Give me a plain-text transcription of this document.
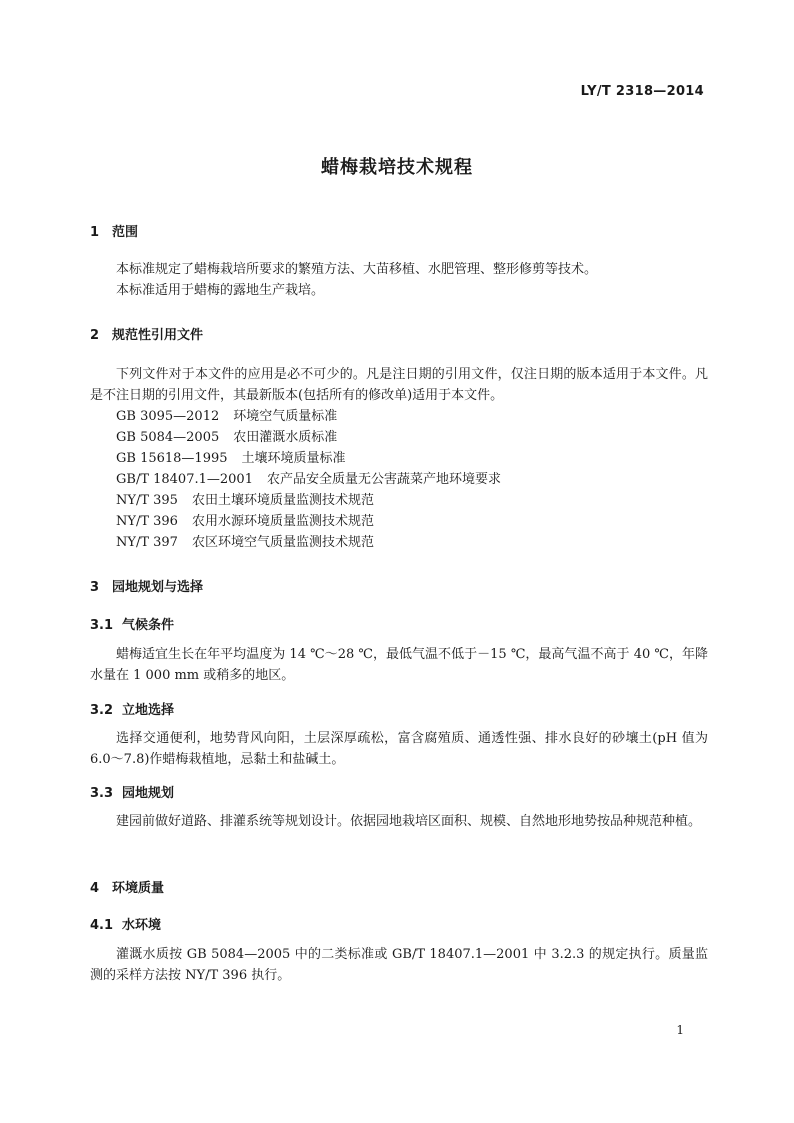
LY/T 2318—2014
蜡梅栽培技术规程
1 范围
本标准规定了蜡梅栽培所要求的繁殖方法、大苗移植、水肥管理、整形修剪等技术。
本标准适用于蜡梅的露地生产栽培。
2 规范性引用文件
下列文件对于本文件的应用是必不可少的。凡是注日期的引用文件，仅注日期的版本适用于本文件。凡是不注日期的引用文件，其最新版本(包括所有的修改单)适用于本文件。
GB 3095—2012 环境空气质量标准
GB 5084—2005 农田灌溉水质标准
GB 15618—1995 土壤环境质量标准
GB/T 18407.1—2001 农产品安全质量无公害蔬菜产地环境要求
NY/T 395 农田土壤环境质量监测技术规范
NY/T 396 农用水源环境质量监测技术规范
NY/T 397 农区环境空气质量监测技术规范
3 园地规划与选择
3.1 气候条件
蜡梅适宜生长在年平均温度为 14 ℃～28 ℃，最低气温不低于－15 ℃，最高气温不高于 40 ℃，年降水量在 1 000 mm 或稍多的地区。
3.2 立地选择
选择交通便利，地势背风向阳，土层深厚疏松，富含腐殖质、通透性强、排水良好的砂壤土(pH 值为 6.0～7.8)作蜡梅栽植地，忌黏土和盐碱土。
3.3 园地规划
建园前做好道路、排灌系统等规划设计。依据园地栽培区面积、规模、自然地形地势按品种规范种植。
4 环境质量
4.1 水环境
灌溉水质按 GB 5084—2005 中的二类标准或 GB/T 18407.1—2001 中 3.2.3 的规定执行。质量监测的采样方法按 NY/T 396 执行。
1
